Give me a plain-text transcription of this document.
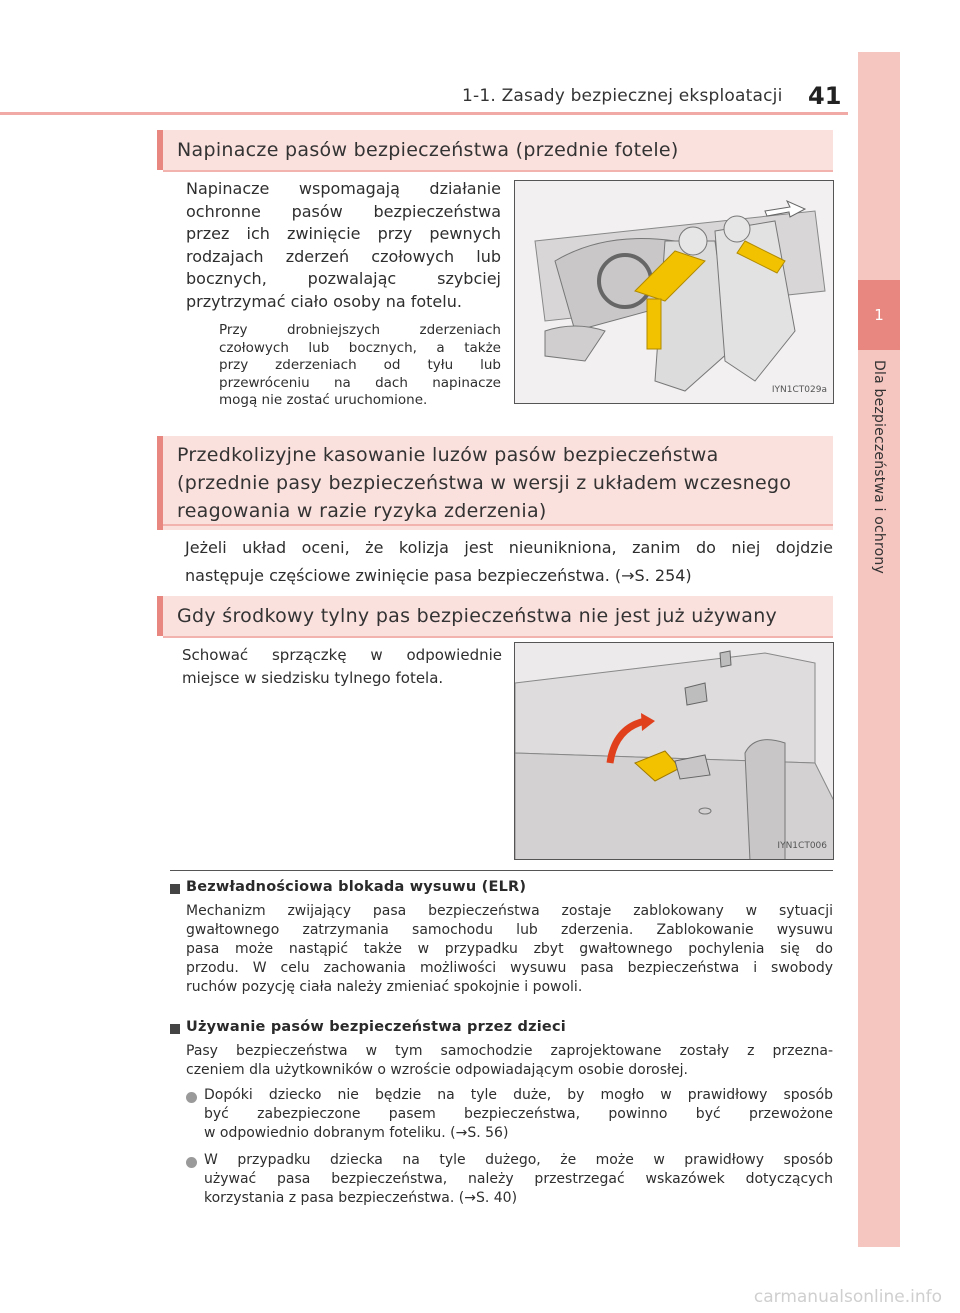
1-1. Zasady bezpiecznej eksploatacji 41
1
Dla bezpieczeństwa i ochrony
Napinacze pasów bezpieczeństwa (przednie fotele)
Napinacze wspomagają działanie
ochronne pasów bezpieczeństwa
przez ich zwinięcie przy pewnych
rodzajach zderzeń czołowych lub
bocznych, pozwalając szybciej
przytrzymać ciało osoby na fotelu.
Przy drobniejszych zderzeniach
czołowych lub bocznych, a także
przy zderzeniach od tyłu lub
przewróceniu na dach napinacze
mogą nie zostać uruchomione.
IYN1CT029a
Przedkolizyjne kasowanie luzów pasów bezpieczeństwa
(przednie pasy bezpieczeństwa w wersji z układem wczesnego
reagowania w razie ryzyka zderzenia)
Jeżeli układ oceni, że kolizja jest nieunikniona, zanim do niej dojdzie
następuje częściowe zwinięcie pasa bezpieczeństwa. (→S. 254)
Gdy środkowy tylny pas bezpieczeństwa nie jest już używany
Schować sprzączkę w odpowiednie
miejsce w siedzisku tylnego fotela.
IYN1CT006
Bezwładnościowa blokada wysuwu (ELR)
Mechanizm zwijający pasa bezpieczeństwa zostaje zablokowany w sytuacji
gwałtownego zatrzymania samochodu lub zderzenia. Zablokowanie wysuwu
pasa może nastąpić także w przypadku zbyt gwałtownego pochylenia się do
przodu. W celu zachowania możliwości wysuwu pasa bezpieczeństwa i swobody
ruchów pozycję ciała należy zmieniać spokojnie i powoli.
Używanie pasów bezpieczeństwa przez dzieci
Pasy bezpieczeństwa w tym samochodzie zaprojektowane zostały z przezna-
czeniem dla użytkowników o wzroście odpowiadającym osobie dorosłej.
Dopóki dziecko nie będzie na tyle duże, by mogło w prawidłowy sposób
być zabezpieczone pasem bezpieczeństwa, powinno być przewożone
w odpowiednio dobranym foteliku. (→S. 56)
W przypadku dziecka na tyle dużego, że może w prawidłowy sposób
używać pasa bezpieczeństwa, należy przestrzegać wskazówek dotyczących
korzystania z pasa bezpieczeństwa. (→S. 40)
carmanualsonline.info
